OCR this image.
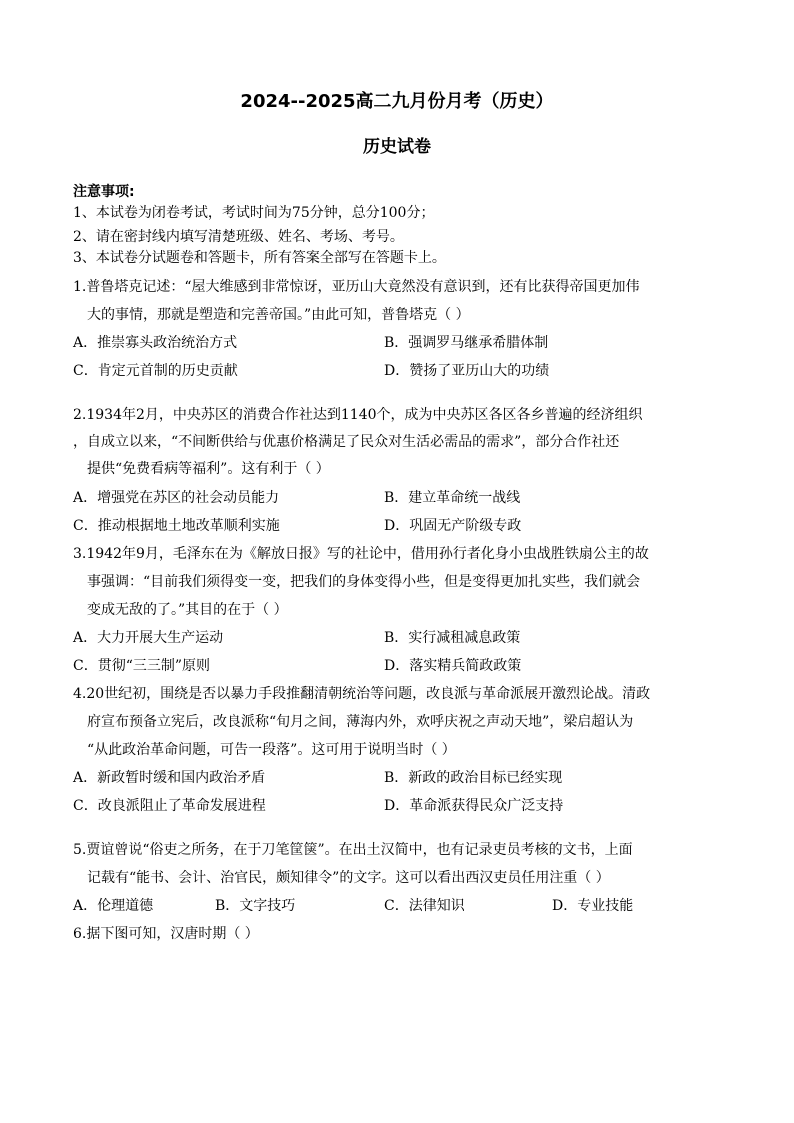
2024--2025高二九月份月考（历史）
历史试卷
注意事项:
1、本试卷为闭卷考试，考试时间为75分钟，总分100分；
2、请在密封线内填写清楚班级、姓名、考场、考号。
3、本试卷分试题卷和答题卡，所有答案全部写在答题卡上。
1.普鲁塔克记述：“屋大维感到非常惊讶，亚历山大竟然没有意识到，还有比获得帝国更加伟
大的事情，那就是塑造和完善帝国。”由此可知，普鲁塔克（ ）
A．推崇寡头政治统治方式	B．强调罗马继承希腊体制
C．肯定元首制的历史贡献	D．赞扬了亚历山大的功绩
2.1934年2月，中央苏区的消费合作社达到1140个，成为中央苏区各区各乡普遍的经济组织
，自成立以来，“不间断供给与优惠价格满足了民众对生活必需品的需求”，部分合作社还
提供“免费看病等福利”。这有利于（ ）
A．增强党在苏区的社会动员能力	B．建立革命统一战线
C．推动根据地土地改革顺利实施	D．巩固无产阶级专政
3.1942年9月，毛泽东在为《解放日报》写的社论中，借用孙行者化身小虫战胜铁扇公主的故
事强调：“目前我们须得变一变，把我们的身体变得小些，但是变得更加扎实些，我们就会
变成无敌的了。”其目的在于（ ）
A．大力开展大生产运动	B．实行减租减息政策
C．贯彻“三三制”原则	D．落实精兵简政政策
4.20世纪初，围绕是否以暴力手段推翻清朝统治等问题，改良派与革命派展开激烈论战。清政
府宣布预备立宪后，改良派称“旬月之间，薄海内外，欢呼庆祝之声动天地”，梁启超认为
“从此政治革命问题，可告一段落”。这可用于说明当时（ ）
A．新政暂时缓和国内政治矛盾	B．新政的政治目标已经实现
C．改良派阻止了革命发展进程	D．革命派获得民众广泛支持
5.贾谊曾说“俗吏之所务，在于刀笔筐箧”。在出土汉简中，也有记录吏员考核的文书，上面
记载有“能书、会计、治官民，颇知律令”的文字。这可以看出西汉吏员任用注重（ ）
A．伦理道德	B．文字技巧	C．法律知识	D．专业技能
6.据下图可知，汉唐时期（ ）
